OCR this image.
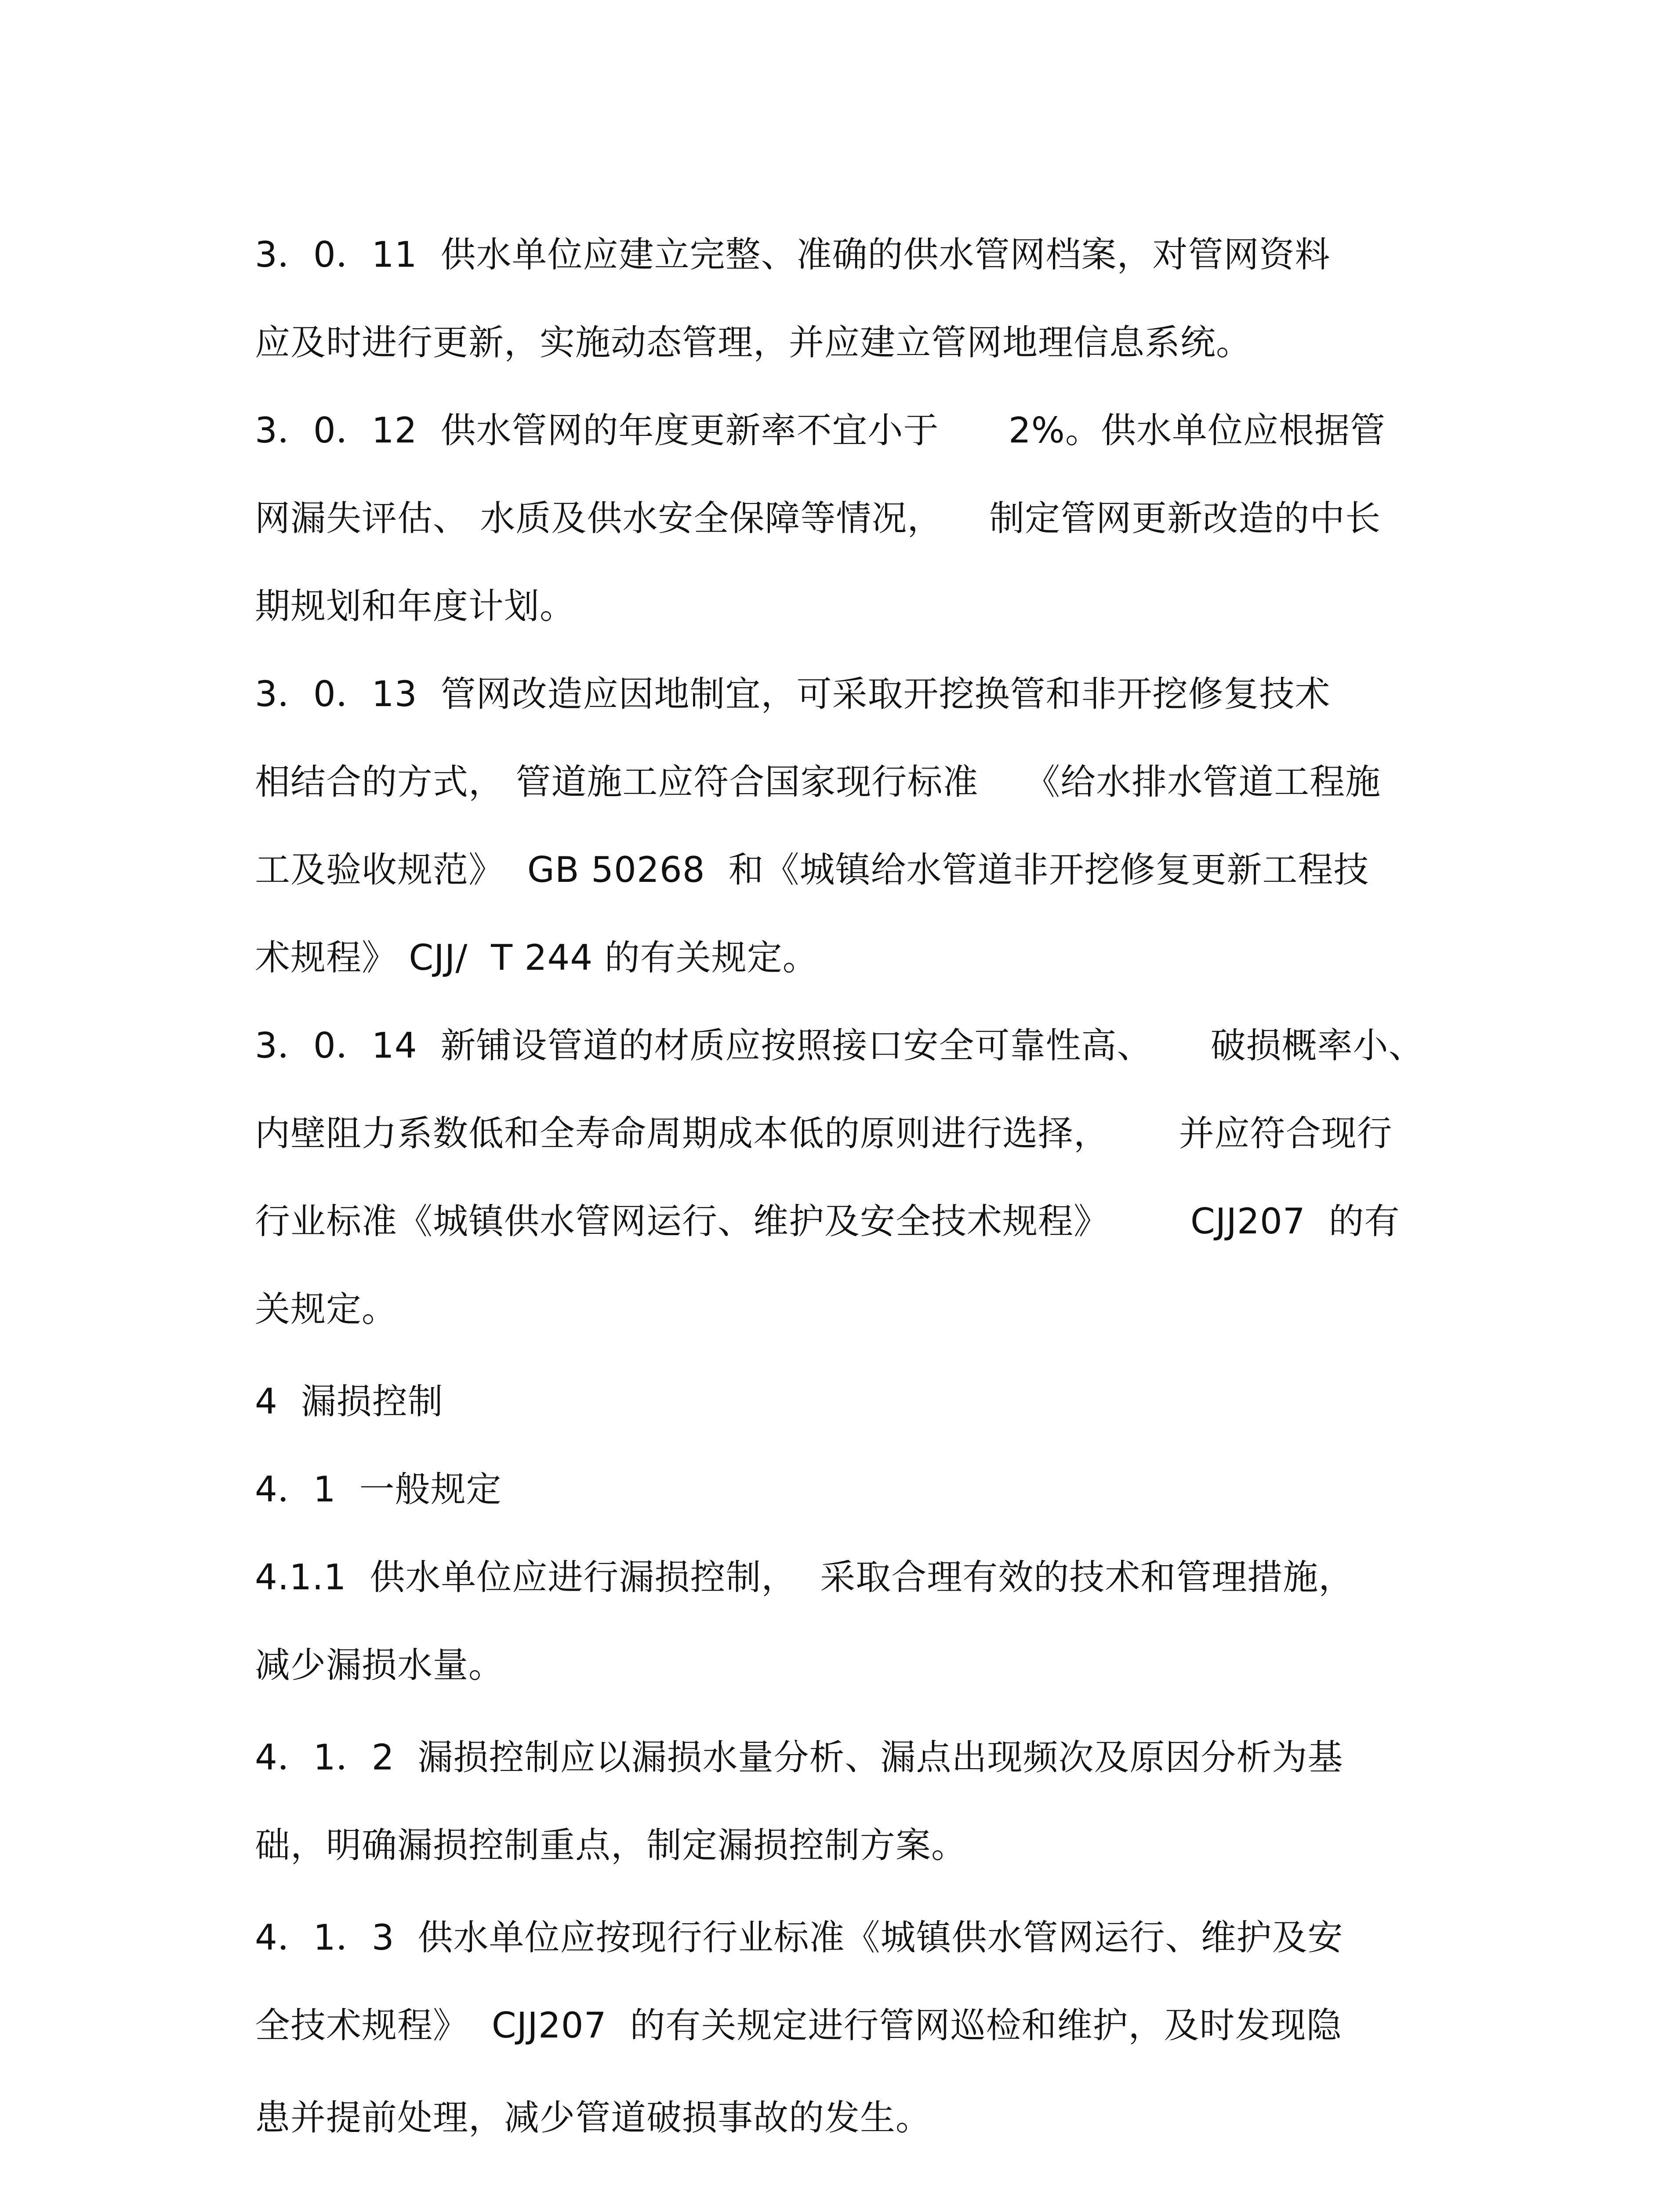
3．0．11  供水单位应建立完整、准确的供水管网档案，对管网资料
应及时进行更新，实施动态管理，并应建立管网地理信息系统。
3．0．12  供水管网的年度更新率不宜小于      2%。供水单位应根据管
网漏失评估、 水质及供水安全保障等情况，    制定管网更新改造的中长
期规划和年度计划。
3．0．13  管网改造应因地制宜，可采取开挖换管和非开挖修复技术
相结合的方式， 管道施工应符合国家现行标准    《给水排水管道工程施
工及验收规范》  GB 50268  和《城镇给水管道非开挖修复更新工程技
术规程》 CJJ/  T 244 的有关规定。
3．0．14  新铺设管道的材质应按照接口安全可靠性高、     破损概率小、
内壁阻力系数低和全寿命周期成本低的原则进行选择，      并应符合现行
行业标准《城镇供水管网运行、维护及安全技术规程》       CJJ207  的有
关规定。
4  漏损控制
4．1  一般规定
4.1.1  供水单位应进行漏损控制，  采取合理有效的技术和管理措施，
减少漏损水量。
4．1．2  漏损控制应以漏损水量分析、漏点出现频次及原因分析为基
础，明确漏损控制重点，制定漏损控制方案。
4．1．3  供水单位应按现行行业标准《城镇供水管网运行、维护及安
全技术规程》  CJJ207  的有关规定进行管网巡检和维护，及时发现隐
患并提前处理，减少管道破损事故的发生。
